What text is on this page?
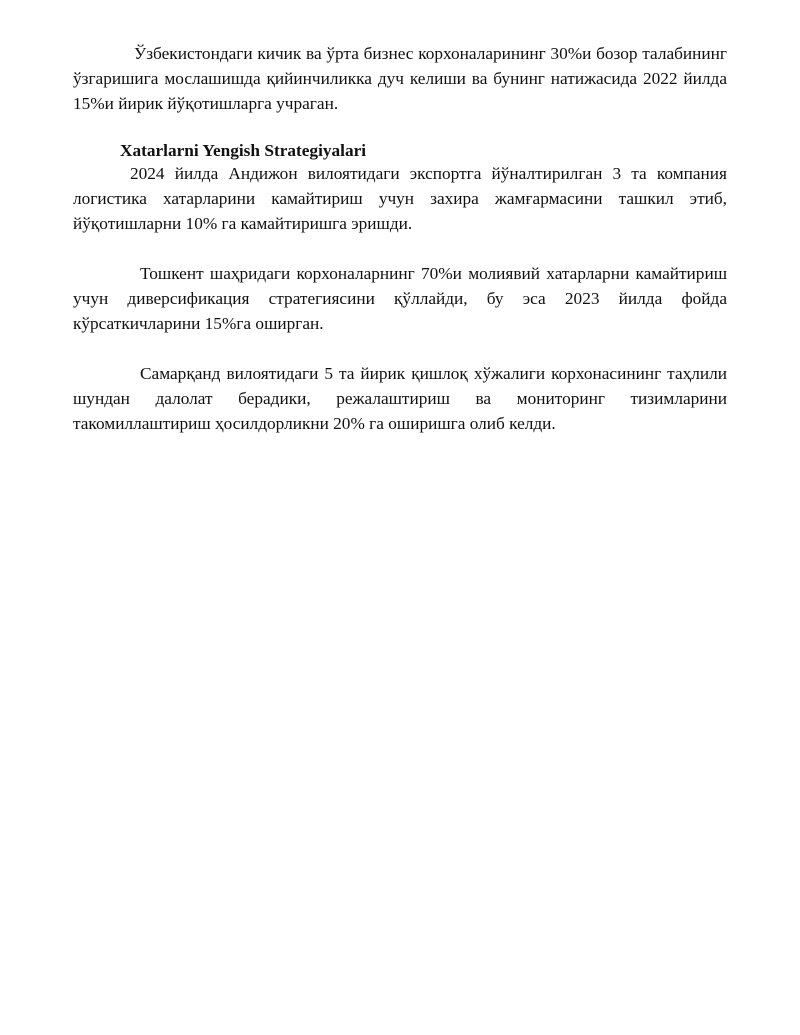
Ўзбекистондаги кичик ва ўрта бизнес корхоналарининг 30%и бозор талабининг ўзгаришига мослашишда қийинчиликка дуч келиши ва бунинг натижасида 2022 йилда 15%и йирик йўқотишларга учраган.

Xatarlarni Yengish Strategiyalari

2024 йилда Андижон вилоятидаги экспортга йўналтирилган 3 та компания логистика хатарларини камайтириш учун захира жамғармасини ташкил этиб, йўқотишларни 10% га камайтиришга эришди.

Тошкент шаҳридаги корхоналарнинг 70%и молиявий хатарларни камайтириш учун диверсификация стратегиясини қўллайди, бу эса 2023 йилда фойда кўрсаткичларини 15%га оширган.

Самарқанд вилоятидаги 5 та йирик қишлоқ хўжалиги корхонасининг таҳлили шундан далолат берадики, режалаштириш ва мониторинг тизимларини такомиллаштириш ҳосилдорликни 20% га оширишга олиб келди.
